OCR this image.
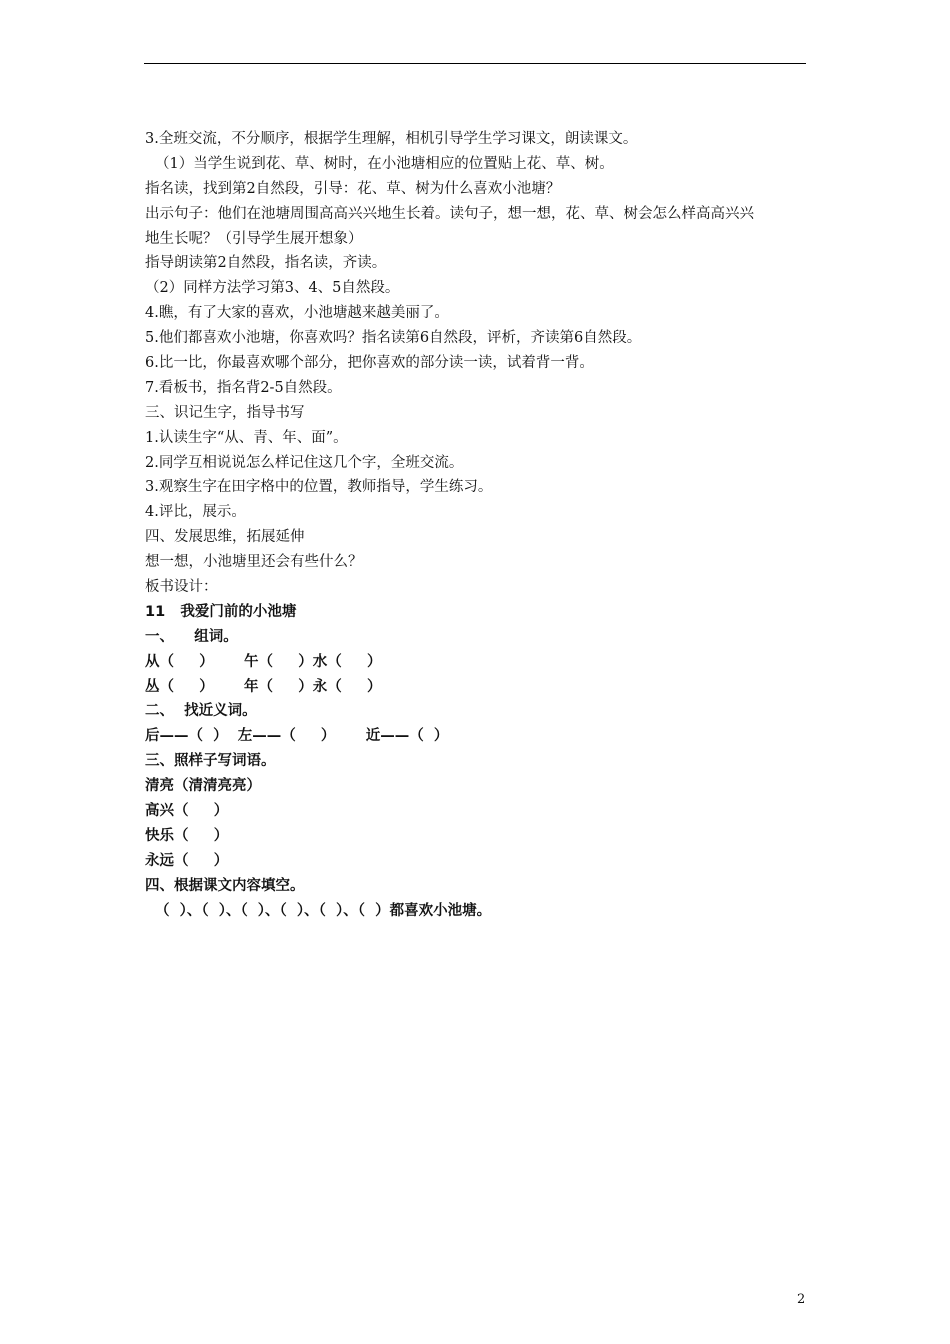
3.全班交流，不分顺序，根据学生理解，相机引导学生学习课文，朗读课文。
（1）当学生说到花、草、树时，在小池塘相应的位置贴上花、草、树。
指名读，找到第2自然段，引导：花、草、树为什么喜欢小池塘？
出示句子：他们在池塘周围高高兴兴地生长着。读句子，想一想，花、草、树会怎么样高高兴兴
地生长呢？（引导学生展开想象）
指导朗读第2自然段，指名读，齐读。
（2）同样方法学习第3、4、5自然段。
4.瞧，有了大家的喜欢，小池塘越来越美丽了。
5.他们都喜欢小池塘，你喜欢吗？指名读第6自然段，评析，齐读第6自然段。
6.比一比，你最喜欢哪个部分，把你喜欢的部分读一读，试着背一背。
7.看板书，指名背2-5自然段。
三、识记生字，指导书写
1.认读生字“从、青、年、面”。
2.同学互相说说怎么样记住这几个字，全班交流。
3.观察生字在田字格中的位置，教师指导，学生练习。
4.评比，展示。
四、发展思维，拓展延伸
想一想，小池塘里还会有些什么？
板书设计：
11   我爱门前的小池塘
一、    组词。
从（     ）      午（     ）水（     ）
丛（     ）      年（     ）永（     ）
二、  找近义词。
后——（  ）  左——（     ）      近——（  ）
三、照样子写词语。
清亮（清清亮亮）
高兴（     ）
快乐（     ）
永远（     ）
四、根据课文内容填空。
（  ）、（  ）、（  ）、（  ）、（  ）、（  ）都喜欢小池塘。
2
